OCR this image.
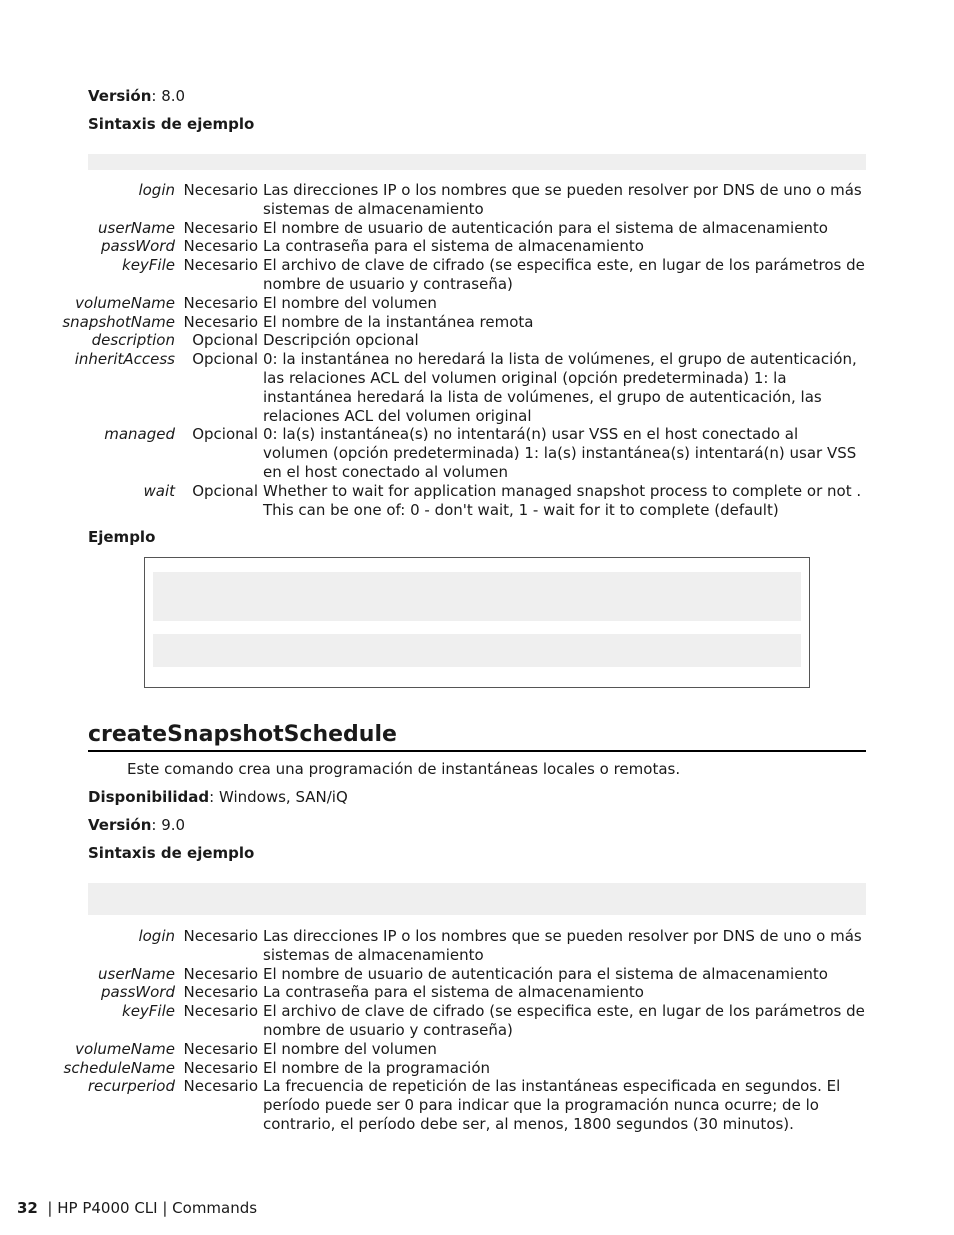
Versión: 8.0
Sintaxis de ejemplo
login Necesario Las direcciones IP o los nombres que se pueden resolver por DNS de uno o más sistemas de almacenamiento
userName Necesario El nombre de usuario de autenticación para el sistema de almacenamiento
passWord Necesario La contraseña para el sistema de almacenamiento
keyFile Necesario El archivo de clave de cifrado (se especifica este, en lugar de los parámetros de nombre de usuario y contraseña)
volumeName Necesario El nombre del volumen
snapshotName Necesario El nombre de la instantánea remota
description	Opcional Descripción opcional
inheritAccess	Opcional 0: la instantánea no heredará la lista de volúmenes, el grupo de autenticación, las relaciones ACL del volumen original (opción predeterminada) 1: la instantánea heredará la lista de volúmenes, el grupo de autenticación, las relaciones ACL del volumen original
managed	Opcional 0: la(s) instantánea(s) no intentará(n) usar VSS en el host conectado al volumen (opción predeterminada) 1: la(s) instantánea(s) intentará(n) usar VSS en el host conectado al volumen
wait	Opcional Whether to wait for application managed snapshot process to complete or not . This can be one of: 0 - don't wait, 1 - wait for it to complete (default)
Ejemplo
createSnapshotSchedule
Este comando crea una programación de instantáneas locales o remotas.
Disponibilidad: Windows, SAN/iQ
Versión: 9.0
Sintaxis de ejemplo
login Necesario Las direcciones IP o los nombres que se pueden resolver por DNS de uno o más sistemas de almacenamiento
userName Necesario El nombre de usuario de autenticación para el sistema de almacenamiento
passWord Necesario La contraseña para el sistema de almacenamiento
keyFile Necesario El archivo de clave de cifrado (se especifica este, en lugar de los parámetros de nombre de usuario y contraseña)
volumeName Necesario El nombre del volumen
scheduleName Necesario El nombre de la programación
recurperiod Necesario La frecuencia de repetición de las instantáneas especificada en segundos. El período puede ser 0 para indicar que la programación nunca ocurre; de lo contrario, el período debe ser, al menos, 1800 segundos (30 minutos).
32 | HP P4000 CLI | Commands
